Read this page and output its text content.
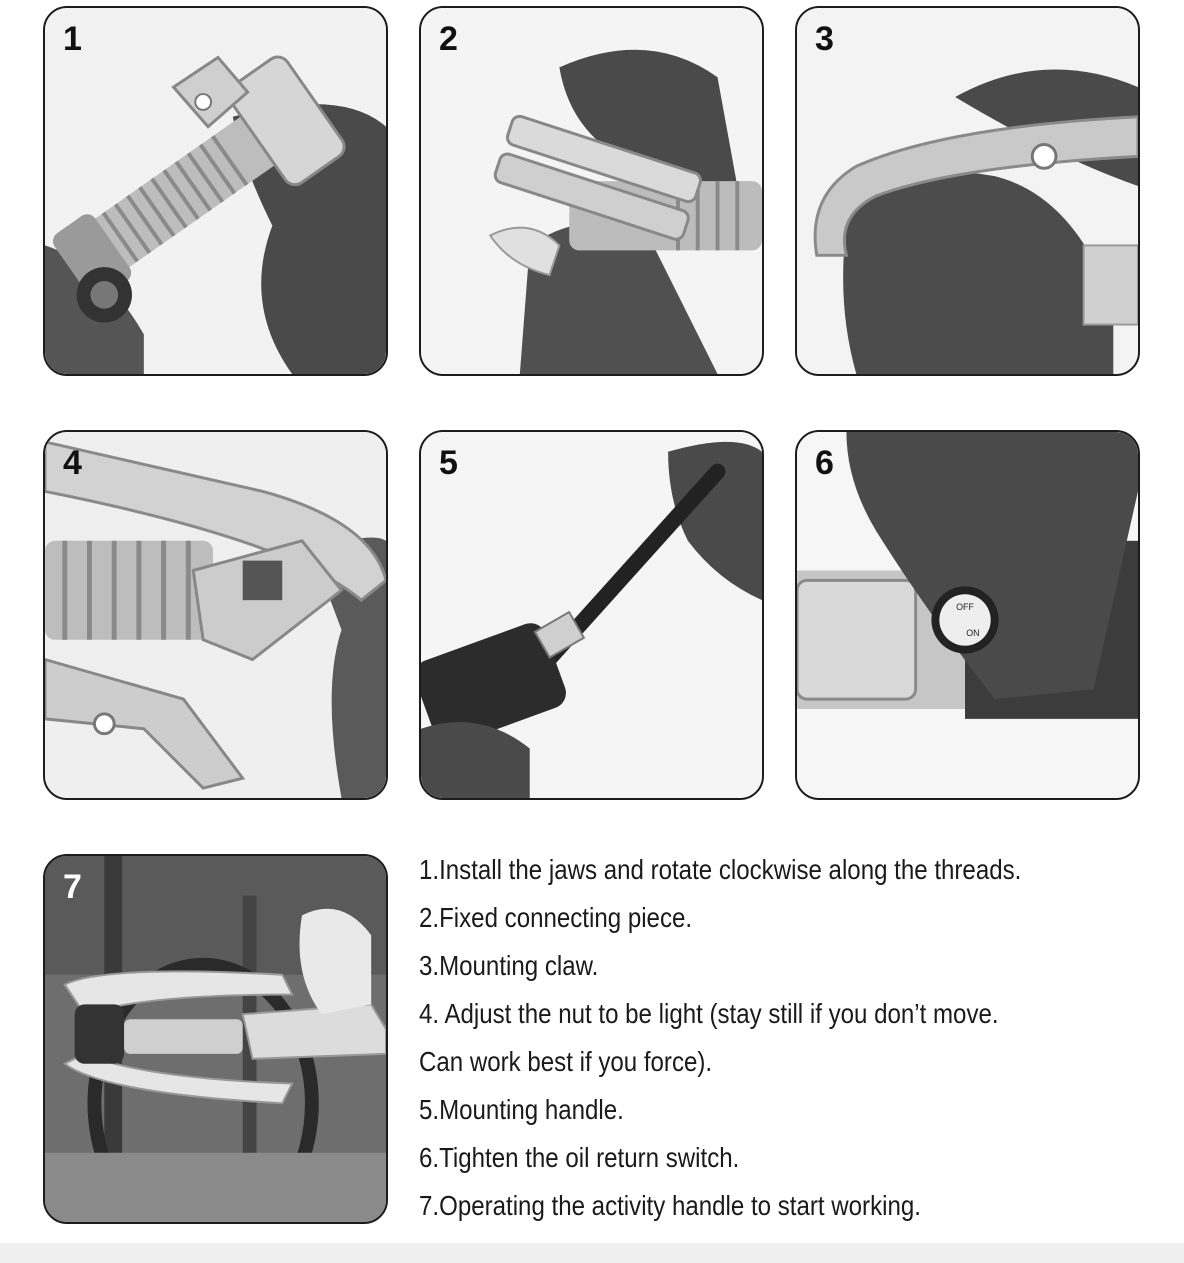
1	2	3
4	5
OFF
ON
6
7	1.Install the jaws and rotate clockwise along the threads.
2.Fixed connecting piece.
3.Mounting claw.
4. Adjust the nut to be light (stay still if you don’t move.
Can work best if you force).
5.Mounting handle.
6.Tighten the oil return switch.
7.Operating the activity handle to start working.
